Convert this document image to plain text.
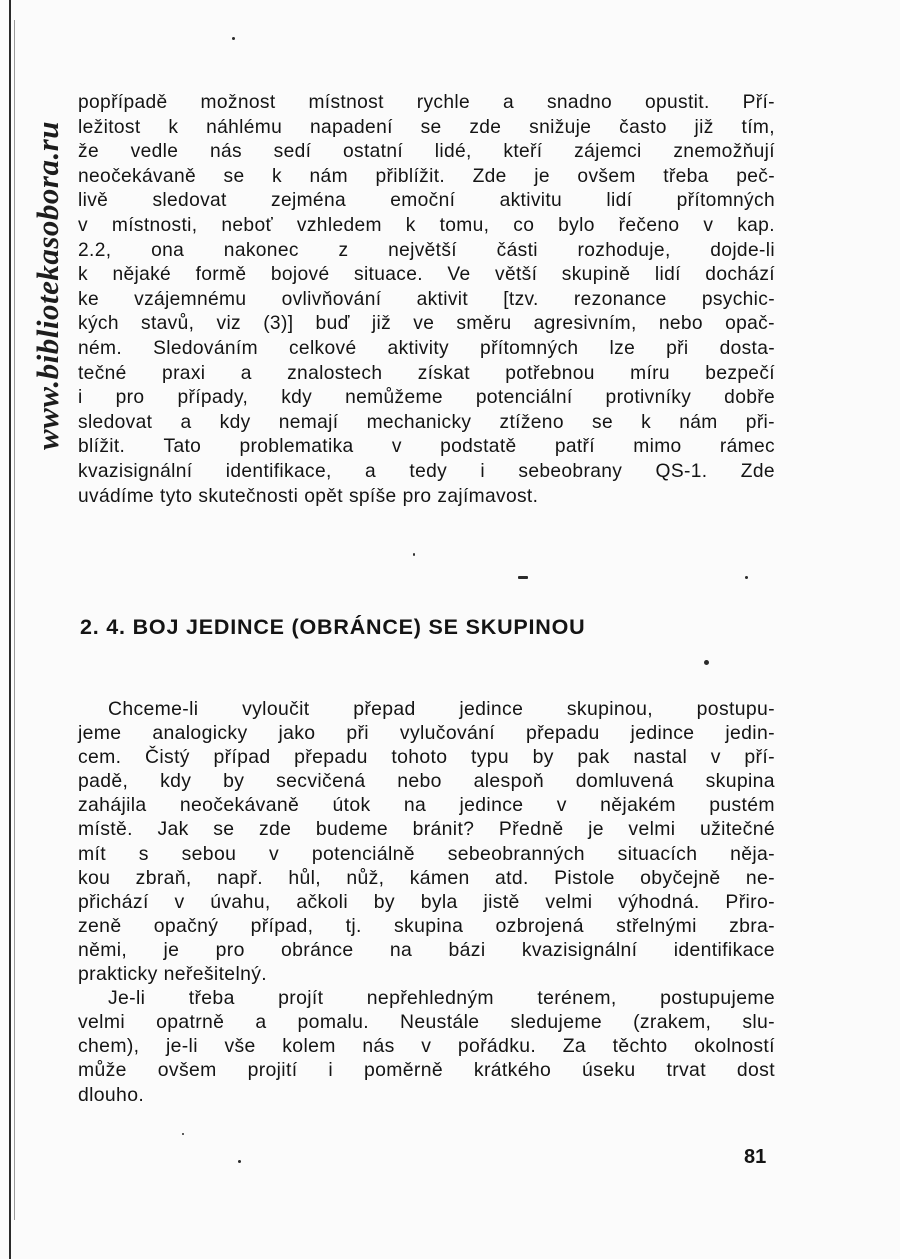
www.bibliotekasobora.ru
popřípadě možnost místnost rychle a snadno opustit. Pří-
ležitost k náhlému napadení se zde snižuje často již tím,
že vedle nás sedí ostatní lidé, kteří zájemci znemožňují
neočekávaně se k nám přiblížit. Zde je ovšem třeba peč-
livě sledovat zejména emoční aktivitu lidí přítomných
v místnosti, neboť vzhledem k tomu, co bylo řečeno v kap.
2.2, ona nakonec z největší části rozhoduje, dojde-li
k nějaké formě bojové situace. Ve větší skupině lidí dochází
ke vzájemnému ovlivňování aktivit [tzv. rezonance psychic-
kých stavů, viz (3)] buď již ve směru agresivním, nebo opač-
ném. Sledováním celkové aktivity přítomných lze při dosta-
tečné praxi a znalostech získat potřebnou míru bezpečí
i pro případy, kdy nemůžeme potenciální protivníky dobře
sledovat a kdy nemají mechanicky ztíženo se k nám při-
blížit. Tato problematika v podstatě patří mimo rámec
kvazisignální identifikace, a tedy i sebeobrany QS-1. Zde
uvádíme tyto skutečnosti opět spíše pro zajímavost.
2. 4. BOJ JEDINCE (OBRÁNCE) SE SKUPINOU
Chceme-li vyloučit přepad jedince skupinou, postupu-
jeme analogicky jako při vylučování přepadu jedince jedin-
cem. Čistý případ přepadu tohoto typu by pak nastal v pří-
padě, kdy by secvičená nebo alespoň domluvená skupina
zahájila neočekávaně útok na jedince v nějakém pustém
místě. Jak se zde budeme bránit? Předně je velmi užitečné
mít s sebou v potenciálně sebeobranných situacích něja-
kou zbraň, např. hůl, nůž, kámen atd. Pistole obyčejně ne-
přichází v úvahu, ačkoli by byla jistě velmi výhodná. Přiro-
zeně opačný případ, tj. skupina ozbrojená střelnými zbra-
němi, je pro obránce na bázi kvazisignální identifikace
prakticky neřešitelný.
Je-li třeba projít nepřehledným terénem, postupujeme
velmi opatrně a pomalu. Neustále sledujeme (zrakem, slu-
chem), je-li vše kolem nás v pořádku. Za těchto okolností
může ovšem projití i poměrně krátkého úseku trvat dost
dlouho.
81
